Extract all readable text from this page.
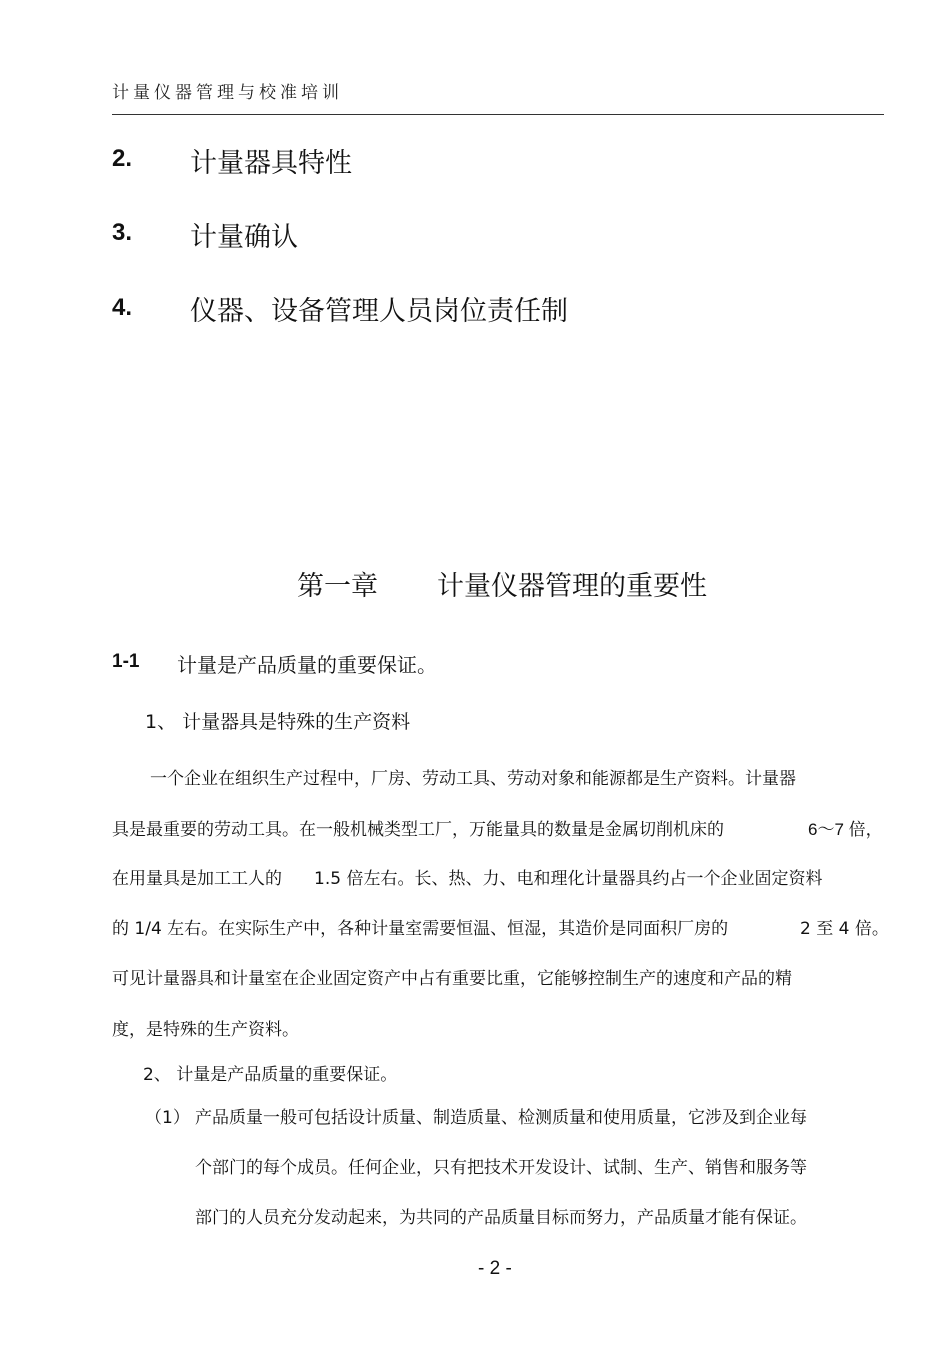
计量仪器管理与校准培训
2. 计量器具特性
3. 计量确认
4. 仪器、设备管理人员岗位责任制
第一章 计量仪器管理的重要性
1-1 计量是产品质量的重要保证。
1、 计量器具是特殊的生产资料
一个企业在组织生产过程中，厂房、劳动工具、劳动对象和能源都是生产资料。计量器
具是最重要的劳动工具。在一般机械类型工厂，万能量具的数量是金属切削机床的	6～7 倍，
在用量具是加工工人的 1.5 倍左右。长、热、力、电和理化计量器具约占一个企业固定资料
的 1/4 左右。在实际生产中，各种计量室需要恒温、恒湿，其造价是同面积厂房的	2 至 4 倍。
可见计量器具和计量室在企业固定资产中占有重要比重，它能够控制生产的速度和产品的精
度，是特殊的生产资料。
2、 计量是产品质量的重要保证。
（1） 产品质量一般可包括设计质量、制造质量、检测质量和使用质量，它涉及到企业每
个部门的每个成员。任何企业，只有把技术开发设计、试制、生产、销售和服务等
部门的人员充分发动起来，为共同的产品质量目标而努力，产品质量才能有保证。
- 2 -
